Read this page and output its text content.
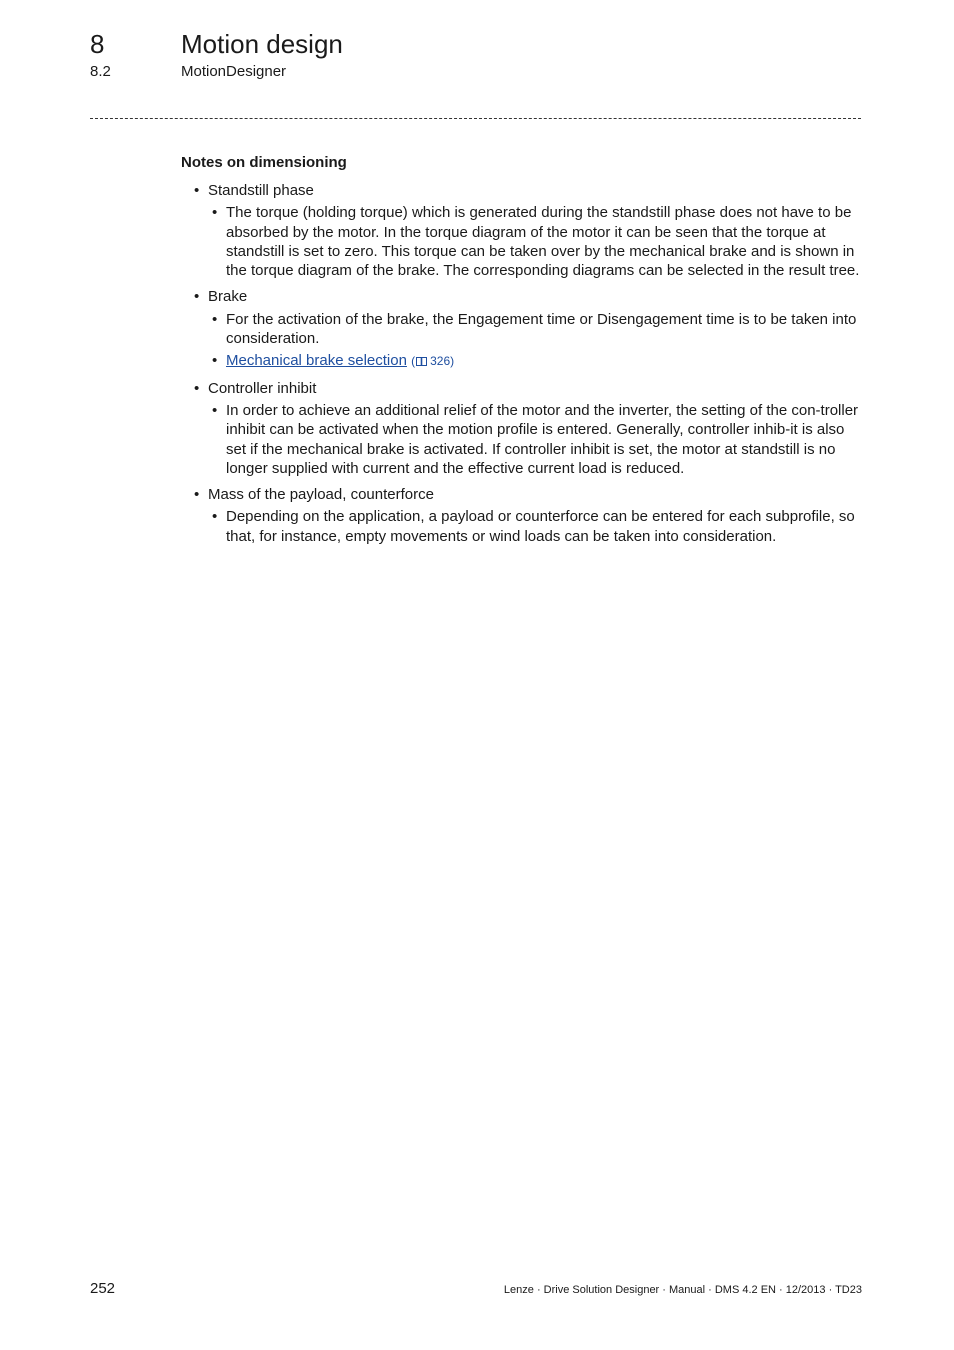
8	Motion design
8.2	MotionDesigner
Notes on dimensioning
• Standstill phase
• The torque (holding torque) which is generated during the standstill phase does not have to be absorbed by the motor. In the torque diagram of the motor it can be seen that the torque at standstill is set to zero. This torque can be taken over by the mechanical brake and is shown in the torque diagram of the brake. The corresponding diagrams can be selected in the result tree.
• Brake
• For the activation of the brake, the Engagement time or Disengagement time is to be taken into consideration.
• Mechanical brake selection ( 326)
• Controller inhibit
• In order to achieve an additional relief of the motor and the inverter, the setting of the con-troller inhibit can be activated when the motion profile is entered. Generally, controller inhib-it is also set if the mechanical brake is activated. If controller inhibit is set, the motor at standstill is no longer supplied with current and the effective current load is reduced.
• Mass of the payload, counterforce
• Depending on the application, a payload or counterforce can be entered for each subprofile, so that, for instance, empty movements or wind loads can be taken into consideration.
252	Lenze · Drive Solution Designer · Manual · DMS 4.2 EN · 12/2013 · TD23
